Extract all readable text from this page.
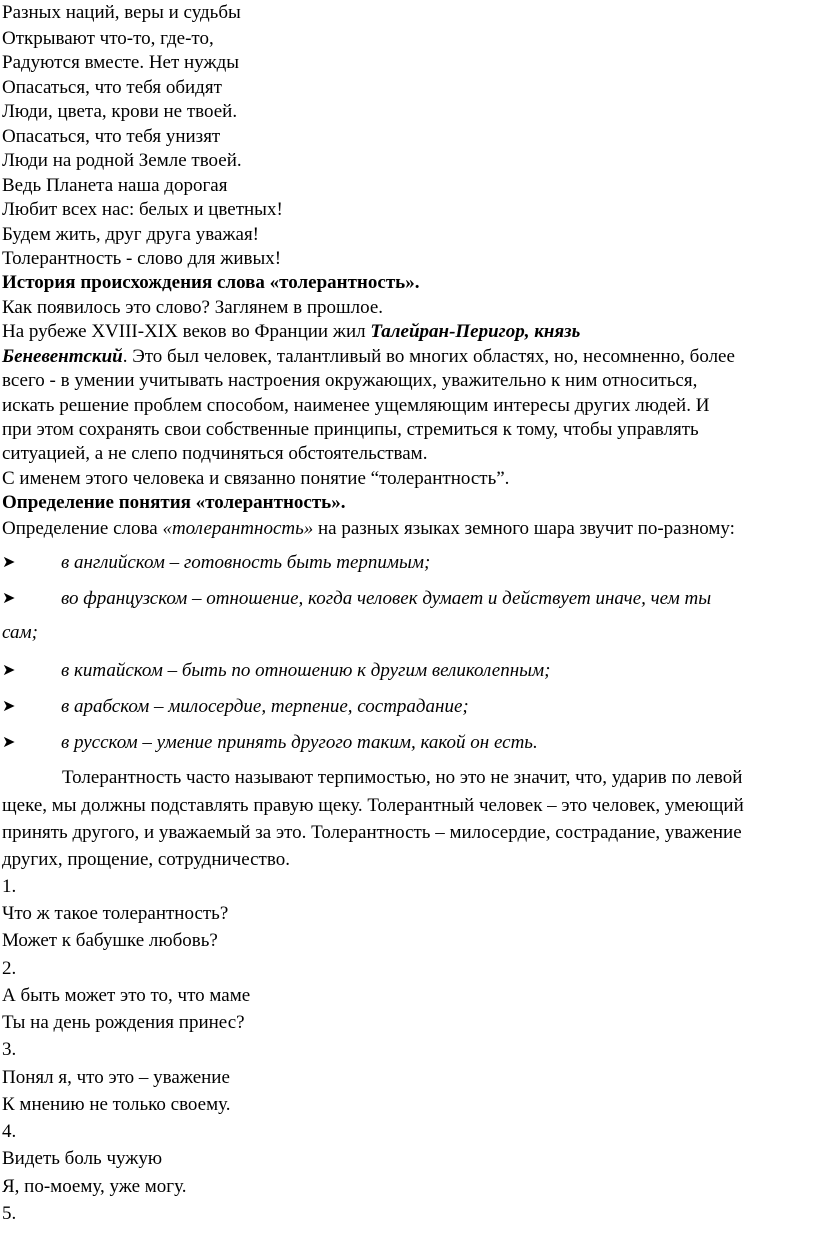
Разных наций, веры и судьбы
Открывают что-то, где-то,
Радуются вместе. Нет нужды
Опасаться, что тебя обидят
Люди, цвета, крови не твоей.
Опасаться, что тебя унизят
Люди на родной Земле твоей.
Ведь Планета наша дорогая
Любит всех нас: белых и цветных!
Будем жить, друг друга уважая!
Толерантность - слово для живых!
История происхождения слова «толерантность».
Как появилось это слово? Заглянем в прошлое.
На рубеже XVIII-XIX веков во Франции жил Талейран-Перигор, князь
Беневентский. Это был человек, талантливый во многих областях, но, несомненно, более
всего - в умении учитывать настроения окружающих, уважительно к ним относиться,
искать решение проблем способом, наименее ущемляющим интересы других людей. И
при этом сохранять свои собственные принципы, стремиться к тому, чтобы управлять
ситуацией, а не слепо подчиняться обстоятельствам.
С именем этого человека и связанно понятие “толерантность”.
Определение понятия «толерантность».
Определение слова «толерантность» на разных языках земного шара звучит по-разному:
➤ в английском – готовность быть терпимым;
➤ во французском – отношение, когда человек думает и действует иначе, чем ты
сам;
➤ в китайском – быть по отношению к другим великолепным;
➤ в арабском – милосердие, терпение, сострадание;
➤ в русском – умение принять другого таким, какой он есть.
Толерантность часто называют терпимостью, но это не значит, что, ударив по левой
щеке, мы должны подставлять правую щеку. Толерантный человек – это человек, умеющий
принять другого, и уважаемый за это. Толерантность – милосердие, сострадание, уважение
других, прощение, сотрудничество.
1.
Что ж такое толерантность?
Может к бабушке любовь?
2.
А быть может это то, что маме
Ты на день рождения принес?
3.
Понял я, что это – уважение
К мнению не только своему.
4.
Видеть боль чужую
Я, по-моему, уже могу.
5.
